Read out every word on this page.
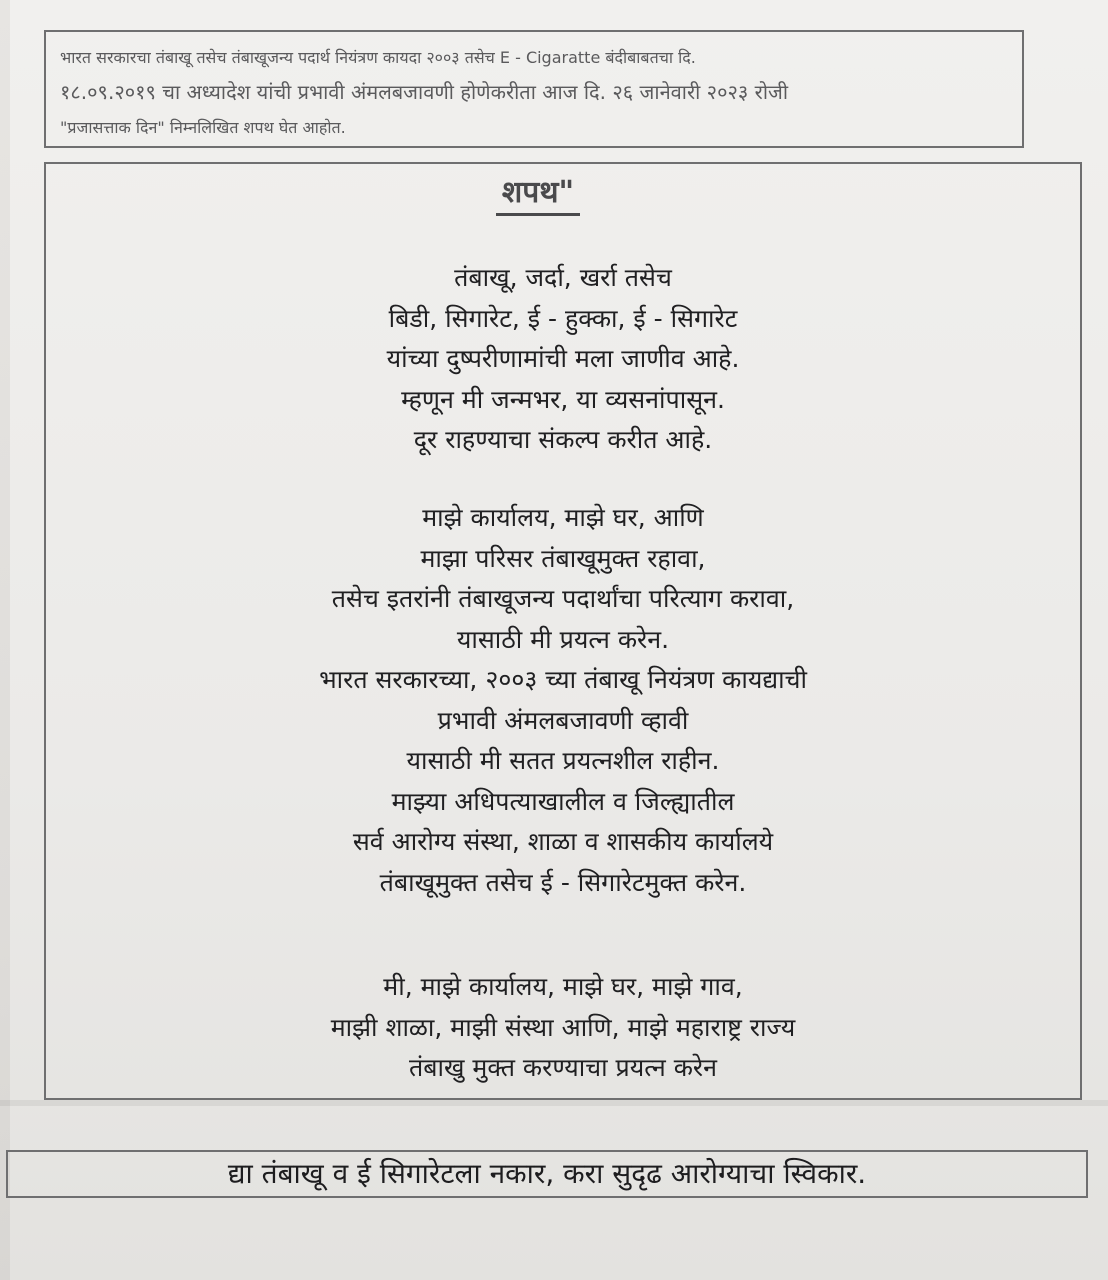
भारत सरकारचा तंबाखू तसेच तंबाखूजन्य पदार्थ नियंत्रण कायदा २००३ तसेच E - Cigaratte बंदीबाबतचा दि.
१८.०९.२०१९ चा अध्यादेश यांची प्रभावी अंमलबजावणी होणेकरीता आज दि. २६ जानेवारी २०२३ रोजी
"प्रजासत्ताक दिन" निम्नलिखित शपथ घेत आहोत.
शपथ"
तंबाखू, जर्दा, खर्रा तसेच
बिडी, सिगारेट, ई - हुक्का, ई - सिगारेट
यांच्या दुष्परीणामांची मला जाणीव आहे.
म्हणून मी जन्मभर, या व्यसनांपासून.
दूर राहण्याचा संकल्प करीत आहे.
माझे कार्यालय, माझे घर, आणि
माझा परिसर तंबाखूमुक्त रहावा,
तसेच इतरांनी तंबाखूजन्य पदार्थांचा परित्याग करावा,
यासाठी मी प्रयत्न करेन.
भारत सरकारच्या, २००३ च्या तंबाखू नियंत्रण कायद्याची
प्रभावी अंमलबजावणी व्हावी
यासाठी मी सतत प्रयत्नशील राहीन.
माझ्या अधिपत्याखालील व जिल्ह्यातील
सर्व आरोग्य संस्था, शाळा व शासकीय कार्यालये
तंबाखूमुक्त तसेच ई - सिगारेटमुक्त करेन.
मी, माझे कार्यालय, माझे घर, माझे गाव,
माझी शाळा, माझी संस्था आणि, माझे महाराष्ट्र राज्य
तंबाखु मुक्त करण्याचा प्रयत्न करेन
द्या तंबाखू व ई सिगारेटला नकार, करा सुदृढ आरोग्याचा स्विकार.
